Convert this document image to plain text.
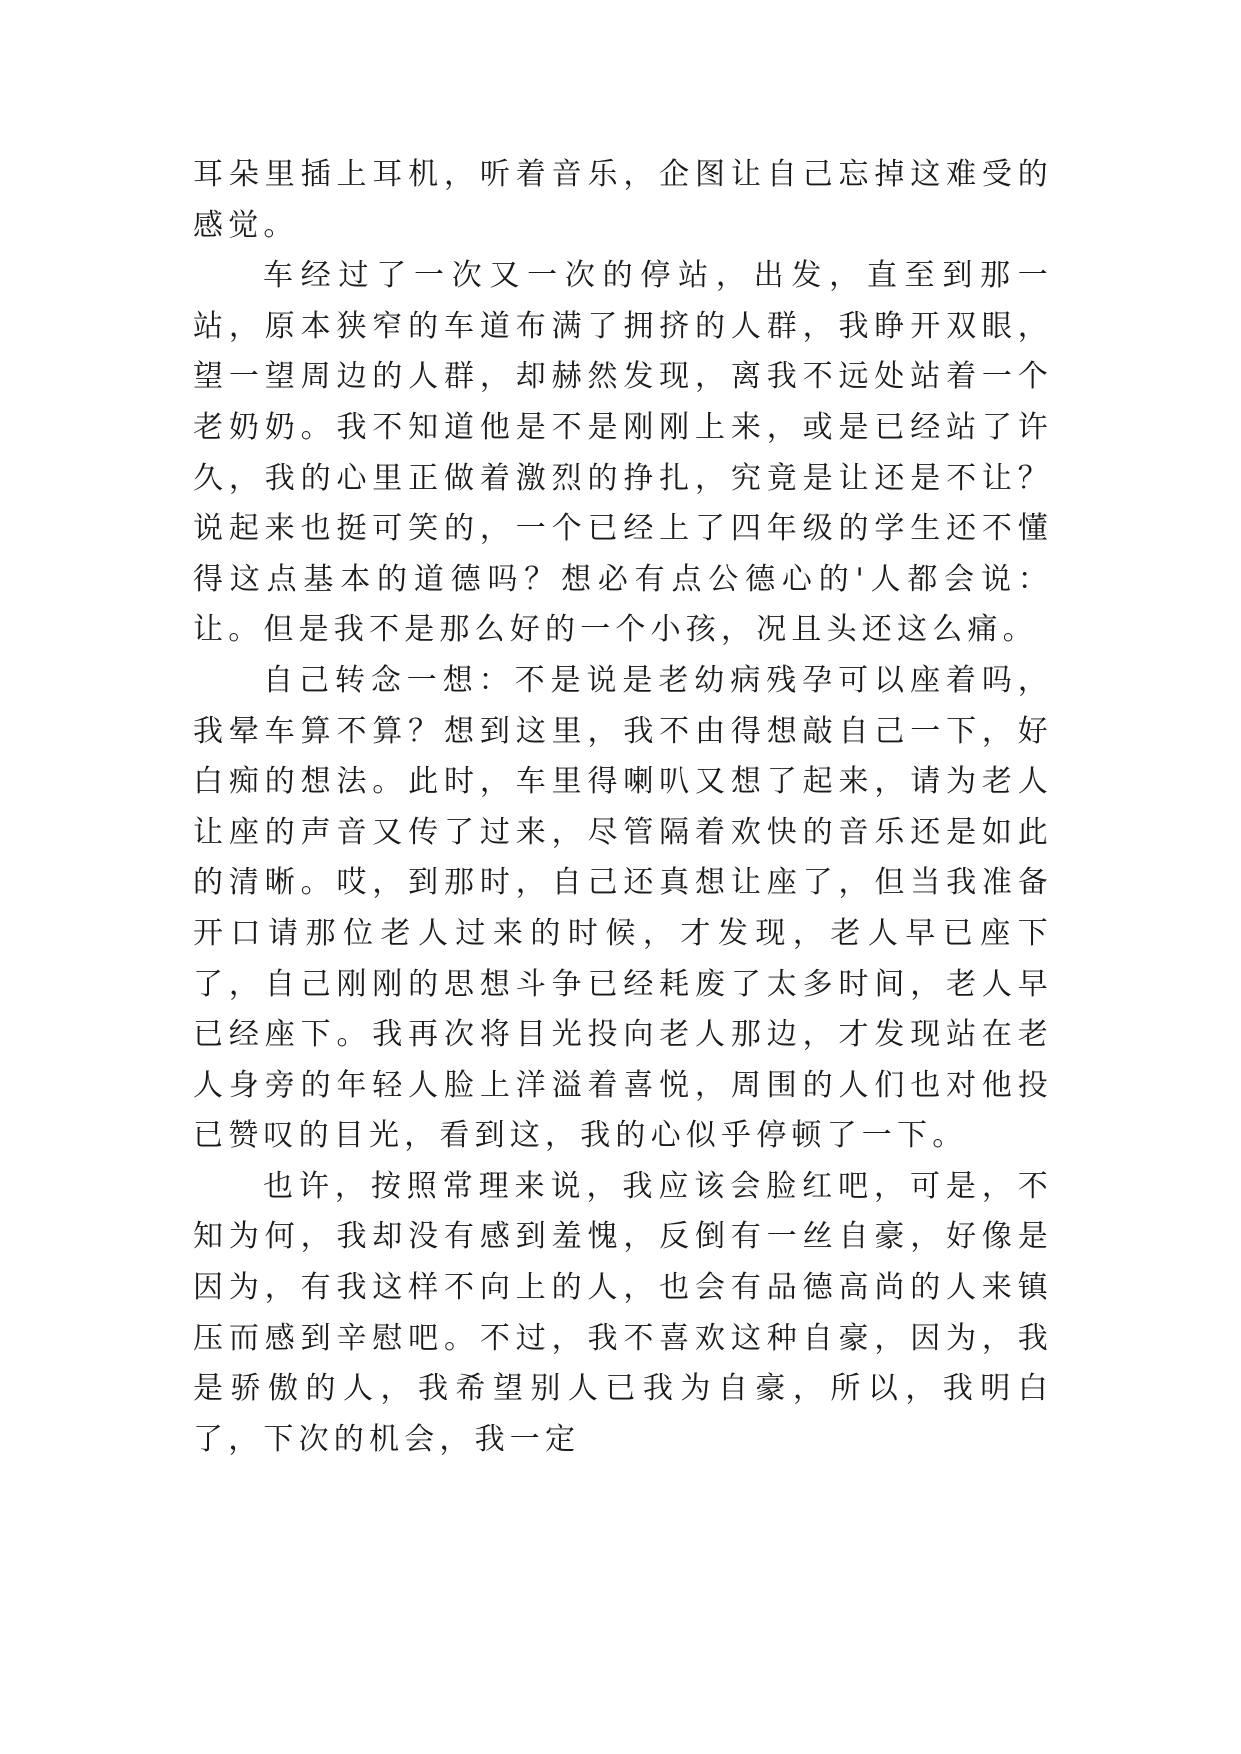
耳朵里插上耳机，听着音乐，企图让自己忘掉这难受的感觉。

车经过了一次又一次的停站，出发，直至到那一站，原本狭窄的车道布满了拥挤的人群，我睁开双眼，望一望周边的人群，却赫然发现，离我不远处站着一个老奶奶。我不知道他是不是刚刚上来，或是已经站了许久，我的心里正做着激烈的挣扎，究竟是让还是不让？说起来也挺可笑的，一个已经上了四年级的学生还不懂得这点基本的道德吗？想必有点公德心的'人都会说：让。但是我不是那么好的一个小孩，况且头还这么痛。

自己转念一想：不是说是老幼病残孕可以座着吗，我晕车算不算？想到这里，我不由得想敲自己一下，好白痴的想法。此时，车里得喇叭又想了起来，请为老人让座的声音又传了过来，尽管隔着欢快的音乐还是如此的清晰。哎，到那时，自己还真想让座了，但当我准备开口请那位老人过来的时候，才发现，老人早已座下了，自己刚刚的思想斗争已经耗废了太多时间，老人早已经座下。我再次将目光投向老人那边，才发现站在老人身旁的年轻人脸上洋溢着喜悦，周围的人们也对他投已赞叹的目光，看到这，我的心似乎停顿了一下。

也许，按照常理来说，我应该会脸红吧，可是，不知为何，我却没有感到羞愧，反倒有一丝自豪，好像是因为，有我这样不向上的人，也会有品德高尚的人来镇压而感到辛慰吧。不过，我不喜欢这种自豪，因为，我是骄傲的人，我希望别人已我为自豪，所以，我明白了，下次的机会，我一定
